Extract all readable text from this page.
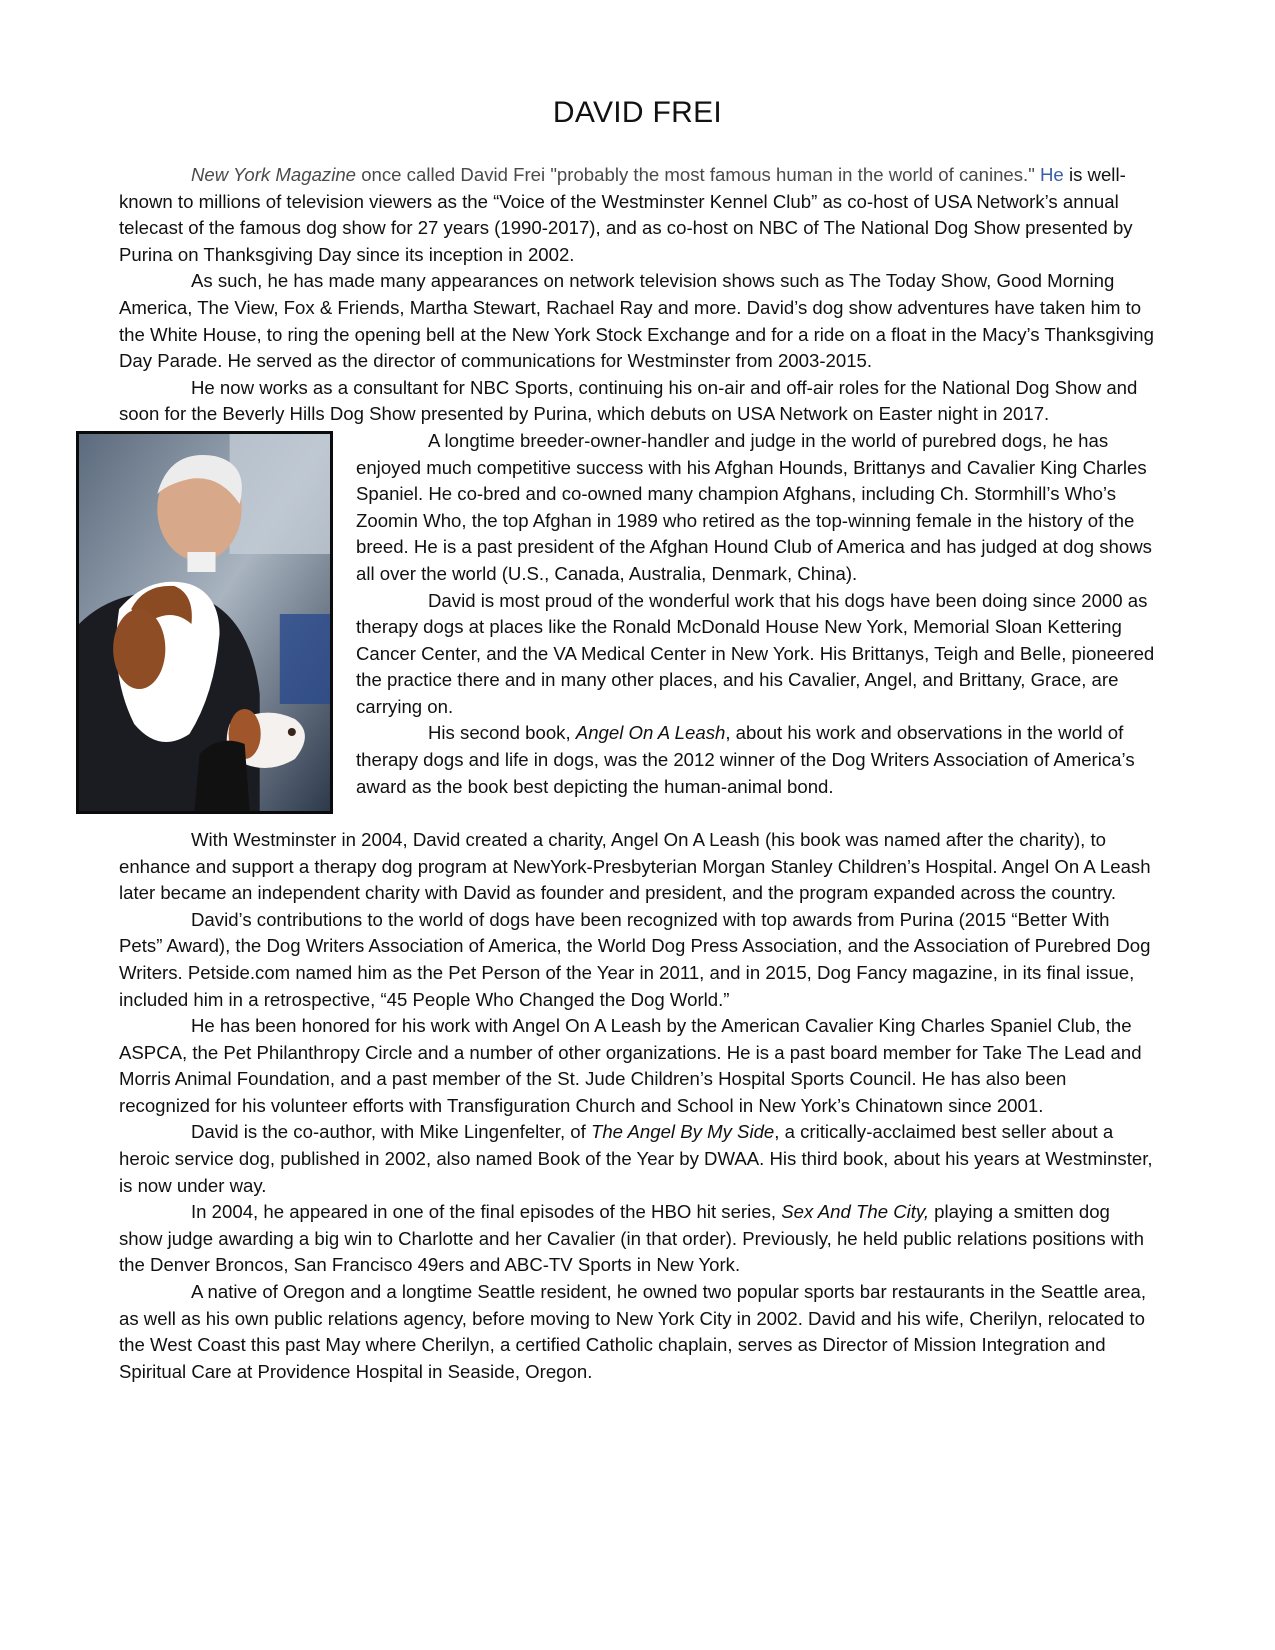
DAVID FREI

New York Magazine once called David Frei "probably the most famous human in the world of canines." He is well-known to millions of television viewers as the “Voice of the Westminster Kennel Club” as co-host of USA Network’s annual telecast of the famous dog show for 27 years (1990-2017), and as co-host on NBC of The National Dog Show presented by Purina on Thanksgiving Day since its inception in 2002.

As such, he has made many appearances on network television shows such as The Today Show, Good Morning America, The View, Fox & Friends, Martha Stewart, Rachael Ray and more. David’s dog show adventures have taken him to the White House, to ring the opening bell at the New York Stock Exchange and for a ride on a float in the Macy’s Thanksgiving Day Parade. He served as the director of communications for Westminster from 2003-2015.

He now works as a consultant for NBC Sports, continuing his on-air and off-air roles for the National Dog Show and soon for the Beverly Hills Dog Show presented by Purina, which debuts on USA Network on Easter night in 2017.

A longtime breeder-owner-handler and judge in the world of purebred dogs, he has enjoyed much competitive success with his Afghan Hounds, Brittanys and Cavalier King Charles Spaniel. He co-bred and co-owned many champion Afghans, including Ch. Stormhill’s Who’s Zoomin Who, the top Afghan in 1989 who retired as the top-winning female in the history of the breed. He is a past president of the Afghan Hound Club of America and has judged at dog shows all over the world (U.S., Canada, Australia, Denmark, China).

David is most proud of the wonderful work that his dogs have been doing since 2000 as therapy dogs at places like the Ronald McDonald House New York, Memorial Sloan Kettering Cancer Center, and the VA Medical Center in New York. His Brittanys, Teigh and Belle, pioneered the practice there and in many other places, and his Cavalier, Angel, and Brittany, Grace, are carrying on.

His second book, Angel On A Leash, about his work and observations in the world of therapy dogs and life in dogs, was the 2012 winner of the Dog Writers Association of America’s award as the book best depicting the human-animal bond.

With Westminster in 2004, David created a charity, Angel On A Leash (his book was named after the charity), to enhance and support a therapy dog program at NewYork-Presbyterian Morgan Stanley Children’s Hospital. Angel On A Leash later became an independent charity with David as founder and president, and the program expanded across the country.

David’s contributions to the world of dogs have been recognized with top awards from Purina (2015 “Better With Pets” Award), the Dog Writers Association of America, the World Dog Press Association, and the Association of Purebred Dog Writers. Petside.com named him as the Pet Person of the Year in 2011, and in 2015, Dog Fancy magazine, in its final issue, included him in a retrospective, “45 People Who Changed the Dog World.”

He has been honored for his work with Angel On A Leash by the American Cavalier King Charles Spaniel Club, the ASPCA, the Pet Philanthropy Circle and a number of other organizations. He is a past board member for Take The Lead and Morris Animal Foundation, and a past member of the St. Jude Children’s Hospital Sports Council. He has also been recognized for his volunteer efforts with Transfiguration Church and School in New York’s Chinatown since 2001.

David is the co-author, with Mike Lingenfelter, of The Angel By My Side, a critically-acclaimed best seller about a heroic service dog, published in 2002, also named Book of the Year by DWAA. His third book, about his years at Westminster, is now under way.

In 2004, he appeared in one of the final episodes of the HBO hit series, Sex And The City, playing a smitten dog show judge awarding a big win to Charlotte and her Cavalier (in that order). Previously, he held public relations positions with the Denver Broncos, San Francisco 49ers and ABC-TV Sports in New York.

A native of Oregon and a longtime Seattle resident, he owned two popular sports bar restaurants in the Seattle area, as well as his own public relations agency, before moving to New York City in 2002. David and his wife, Cherilyn, relocated to the West Coast this past May where Cherilyn, a certified Catholic chaplain, serves as Director of Mission Integration and Spiritual Care at Providence Hospital in Seaside, Oregon.
